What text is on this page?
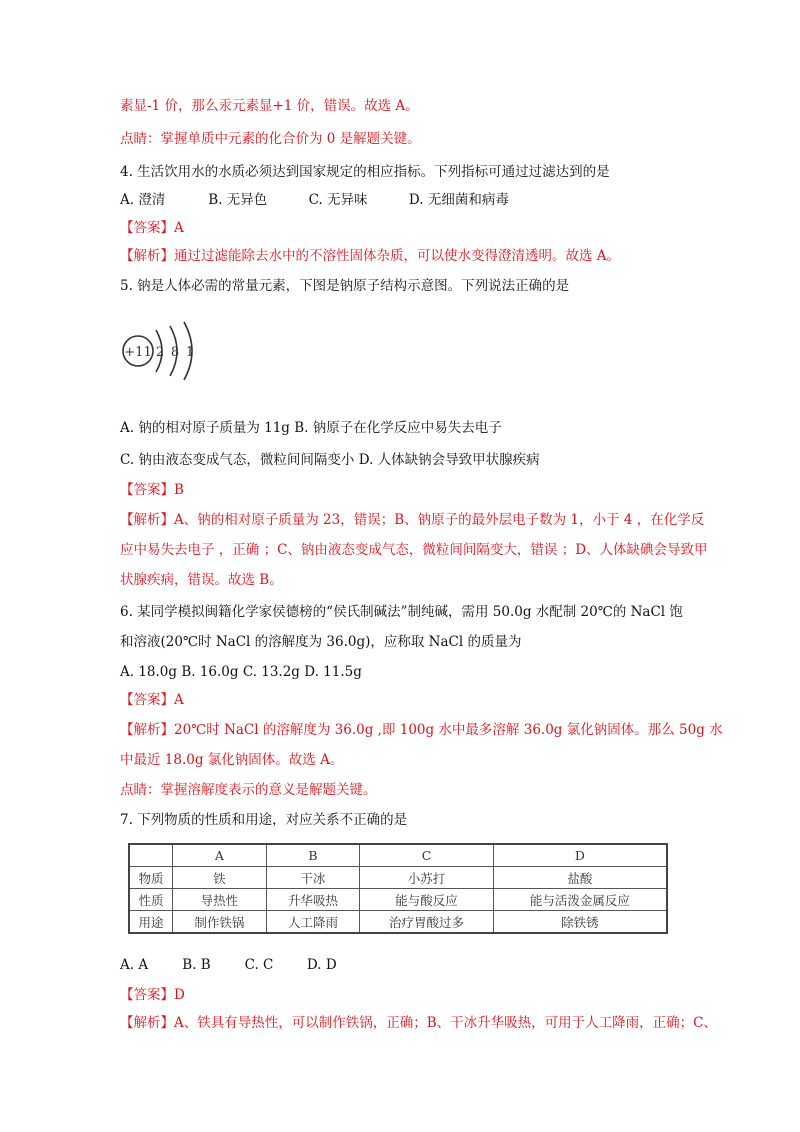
素显-1 价，那么汞元素显+1 价，错误。故选 A。
点睛：掌握单质中元素的化合价为 0 是解题关键。
4. 生活饮用水的水质必须达到国家规定的相应指标。下列指标可通过过滤达到的是
A. 澄清	B. 无异色	C. 无异味	D. 无细菌和病毒
【答案】A
【解析】通过过滤能除去水中的不溶性固体杂质，可以使水变得澄清透明。故选 A。
5. 钠是人体必需的常量元素，下图是钠原子结构示意图。下列说法正确的是
+11 2 8 1
A. 钠的相对原子质量为 11g B. 钠原子在化学反应中易失去电子
C. 钠由液态变成气态，微粒间间隔变小 D. 人体缺钠会导致甲状腺疾病
【答案】B
【解析】A、钠的相对原子质量为 23，错误；B、钠原子的最外层电子数为 1，小于 4 ，在化学反
应中易失去电子 ，正确 ；C、钠由液态变成气态，微粒间间隔变大，错误 ；D、人体缺碘会导致甲
状腺疾病，错误。故选 B。
6. 某同学模拟闽籍化学家侯德榜的“侯氏制碱法”制纯碱，需用 50.0g 水配制 20℃的 NaCl 饱
和溶液(20℃时 NaCl 的溶解度为 36.0g)，应称取 NaCl 的质量为
A. 18.0g B. 16.0g C. 13.2g D. 11.5g
【答案】A
【解析】20℃时 NaCl 的溶解度为 36.0g ,即 100g 水中最多溶解 36.0g 氯化钠固体。那么 50g 水
中最近 18.0g 氯化钠固体。故选 A。
点睛：掌握溶解度表示的意义是解题关键。
7. 下列物质的性质和用途，对应关系不正确的是
	A	B	C	D
物质	铁	干冰	小苏打	盐酸
性质	导热性	升华吸热	能与酸反应	能与活泼金属反应
用途	制作铁锅	人工降雨	治疗胃酸过多	除铁锈
A. A	B. B	C. C D. D
【答案】D
【解析】A、铁具有导热性，可以制作铁锅，正确；B、干冰升华吸热，可用于人工降雨，正确；C、
